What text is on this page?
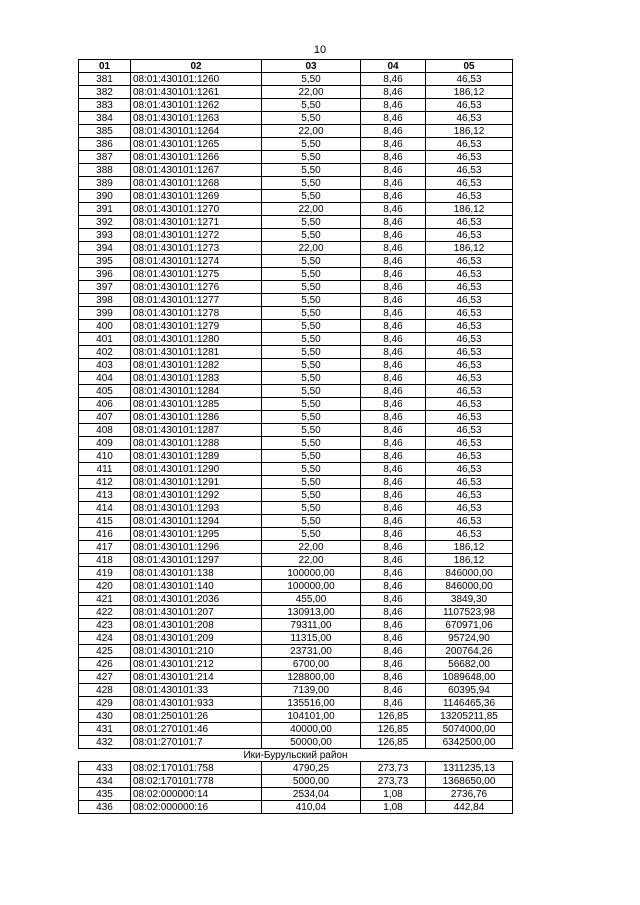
10
01	02	03	04	05
381	08:01:430101:1260	5,50	8,46	46,53
382	08:01:430101:1261	22,00	8,46	186,12
383	08:01:430101:1262	5,50	8,46	46,53
384	08:01:430101:1263	5,50	8,46	46,53
385	08:01:430101:1264	22,00	8,46	186,12
386	08:01:430101:1265	5,50	8,46	46,53
387	08:01:430101:1266	5,50	8,46	46,53
388	08:01:430101:1267	5,50	8,46	46,53
389	08:01:430101:1268	5,50	8,46	46,53
390	08:01:430101:1269	5,50	8,46	46,53
391	08:01:430101:1270	22,00	8,46	186,12
392	08:01:430101:1271	5,50	8,46	46,53
393	08:01:430101:1272	5,50	8,46	46,53
394	08:01:430101:1273	22,00	8,46	186,12
395	08:01:430101:1274	5,50	8,46	46,53
396	08:01:430101:1275	5,50	8,46	46,53
397	08:01:430101:1276	5,50	8,46	46,53
398	08:01:430101:1277	5,50	8,46	46,53
399	08:01:430101:1278	5,50	8,46	46,53
400	08:01:430101:1279	5,50	8,46	46,53
401	08:01:430101:1280	5,50	8,46	46,53
402	08:01:430101:1281	5,50	8,46	46,53
403	08:01:430101:1282	5,50	8,46	46,53
404	08:01:430101:1283	5,50	8,46	46,53
405	08:01:430101:1284	5,50	8,46	46,53
406	08:01:430101:1285	5,50	8,46	46,53
407	08:01:430101:1286	5,50	8,46	46,53
408	08:01:430101:1287	5,50	8,46	46,53
409	08:01:430101:1288	5,50	8,46	46,53
410	08:01:430101:1289	5,50	8,46	46,53
411	08:01:430101:1290	5,50	8,46	46,53
412	08:01:430101:1291	5,50	8,46	46,53
413	08:01:430101:1292	5,50	8,46	46,53
414	08:01:430101:1293	5,50	8,46	46,53
415	08:01:430101:1294	5,50	8,46	46,53
416	08:01:430101:1295	5,50	8,46	46,53
417	08:01:430101:1296	22,00	8,46	186,12
418	08:01:430101:1297	22,00	8,46	186,12
419	08:01:430101:138	100000,00	8,46	846000,00
420	08:01:430101:140	100000,00	8,46	846000,00
421	08:01:430101:2036	455,00	8,46	3849,30
422	08:01:430101:207	130913,00	8,46	1107523,98
423	08:01:430101:208	79311,00	8,46	670971,06
424	08:01:430101:209	11315,00	8,46	95724,90
425	08:01:430101:210	23731,00	8,46	200764,26
426	08:01:430101:212	6700,00	8,46	56682,00
427	08:01:430101:214	128800,00	8,46	1089648,00
428	08:01:430101:33	7139,00	8,46	60395,94
429	08:01:430101:933	135516,00	8,46	1146465,36
430	08:01:250101:26	104101,00	126,85	13205211,85
431	08:01:270101:46	40000,00	126,85	5074000,00
432	08:01:270101:7	50000,00	126,85	6342500,00
Ики-Бурульский район				
433	08:02:170101:758	4790,25	273,73	1311235,13
434	08:02:170101:778	5000,00	273,73	1368650,00
435	08:02:000000:14	2534,04	1,08	2736,76
436	08:02:000000:16	410,04	1,08	442,84
